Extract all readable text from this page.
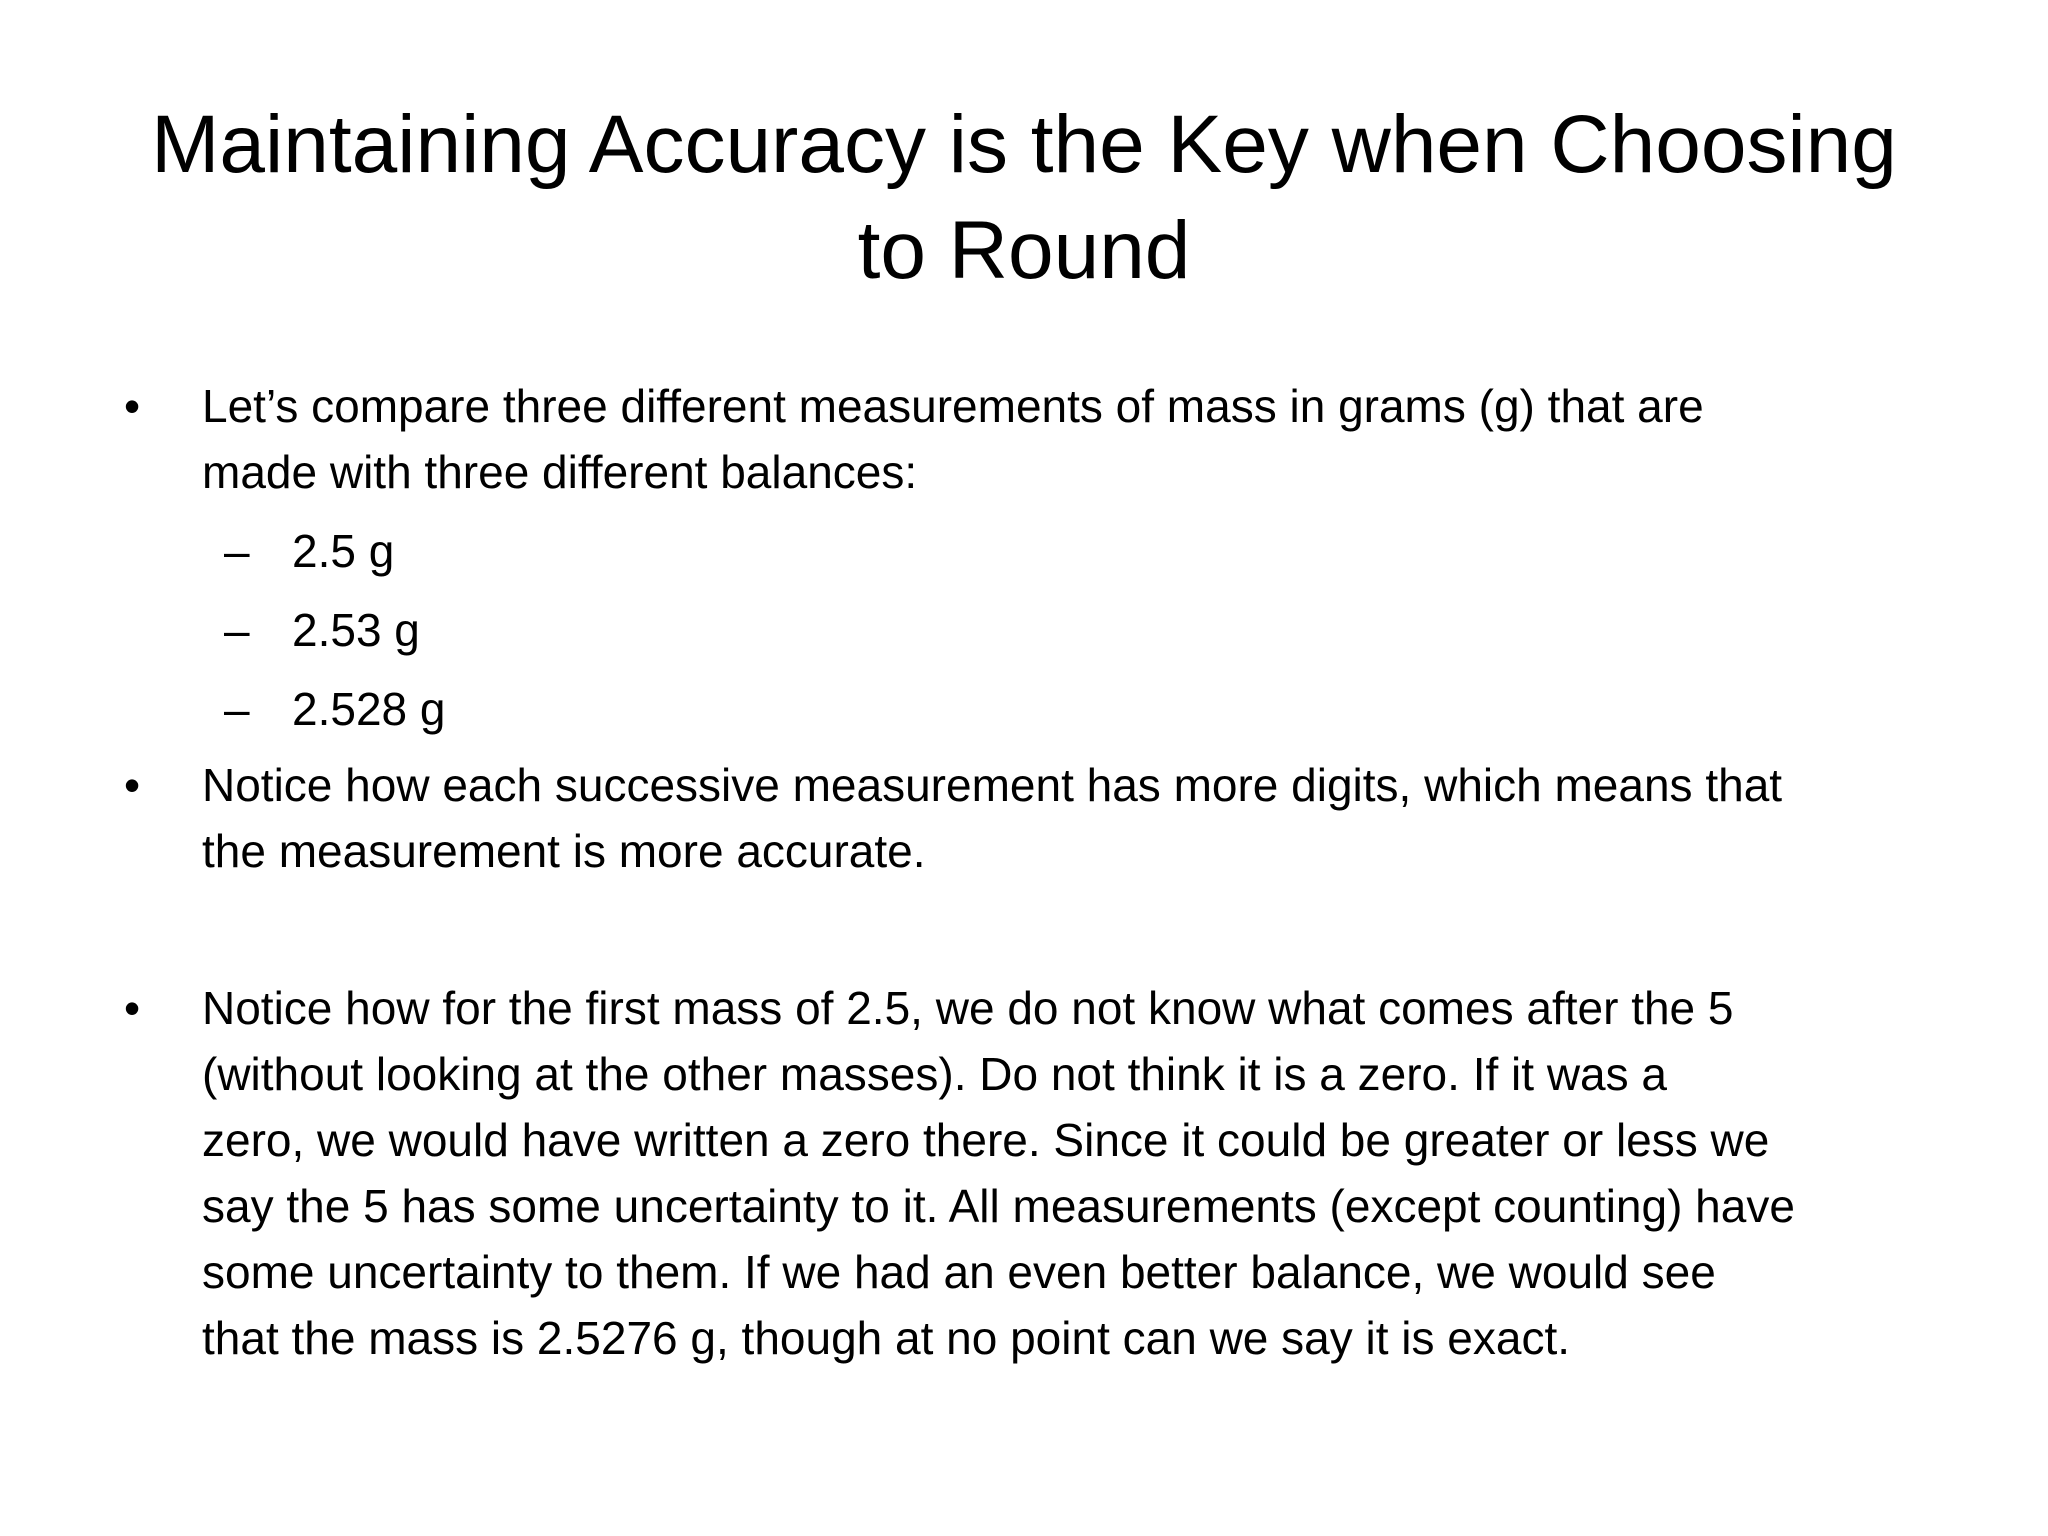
Maintaining Accuracy is the Key when Choosing
to Round
• Let’s compare three different measurements of mass in grams (g) that are
made with three different balances:
– 2.5 g
– 2.53 g
– 2.528 g
• Notice how each successive measurement has more digits, which means that
the measurement is more accurate.
• Notice how for the first mass of 2.5, we do not know what comes after the 5
(without looking at the other masses). Do not think it is a zero. If it was a
zero, we would have written a zero there. Since it could be greater or less we
say the 5 has some uncertainty to it. All measurements (except counting) have
some uncertainty to them. If we had an even better balance, we would see
that the mass is 2.5276 g, though at no point can we say it is exact.
